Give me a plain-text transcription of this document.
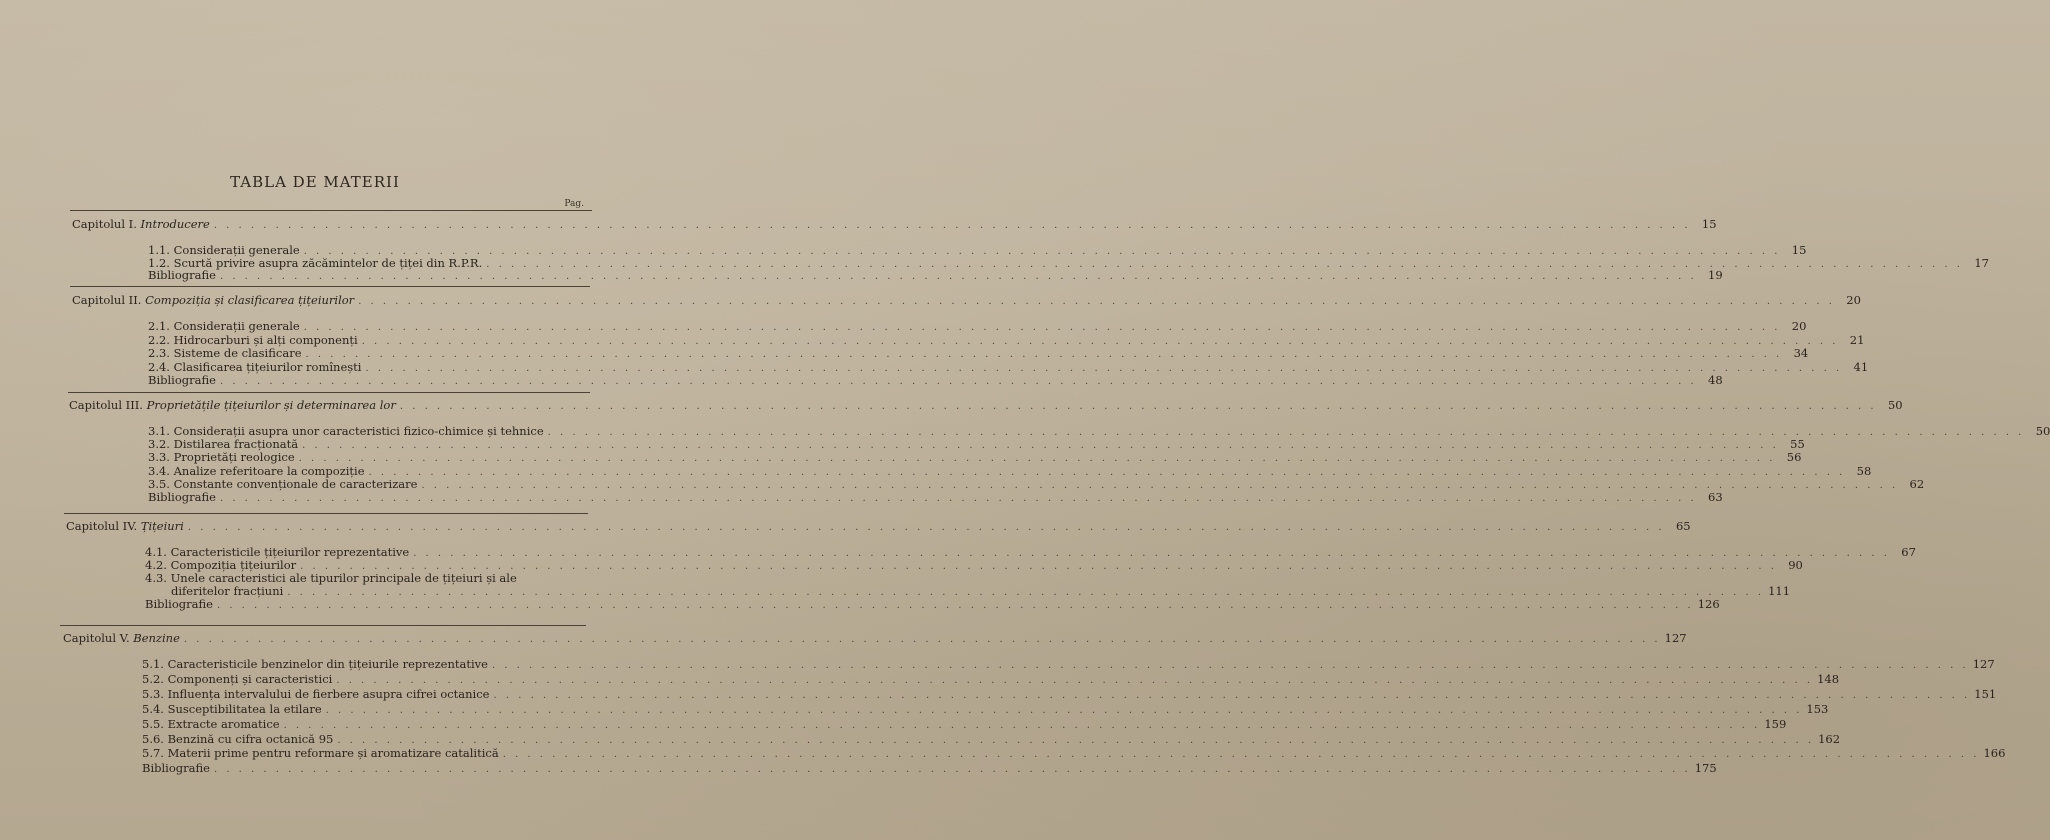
TABLA DE MATERII
Pag.
Capitolul I. Introducere . . . . . . . . . . . . . . . . . . . . . . . . . . . . . . . . . . . . . . . . . . . . . . . . . . . . . . . . . . . . . . . . . . . . . . . . . . . . . . . . . . . . . . . . . . . . . . . . . . . . . . . . . . . . . . . . . . . . . . . . 15
1.1. Considerații generale . . . . . . . . . . . . . . . . . . . . . . . . . . . . . . . . . . . . . . . . . . . . . . . . . . . . . . . . . . . . . . . . . . . . . . . . . . . . . . . . . . . . . . . . . . . . . . . . . . . . . . . . . . . . . . . . . . . . . . . . 15
1.2. Scurtă privire asupra zăcămintelor de țiței din R.P.R. . . . . . . . . . . . . . . . . . . . . . . . . . . . . . . . . . . . . . . . . . . . . . . . . . . . . . . . . . . . . . . . . . . . . . . . . . . . . . . . . . . . . . . . . . . . . . . . . . . . . . . . . . . . . . . . . . . . . . . . . 17
Bibliografie . . . . . . . . . . . . . . . . . . . . . . . . . . . . . . . . . . . . . . . . . . . . . . . . . . . . . . . . . . . . . . . . . . . . . . . . . . . . . . . . . . . . . . . . . . . . . . . . . . . . . . . . . . . . . . . . . . . . . . . . 19
Capitolul II. Compoziția și clasificarea țițeiurilor . . . . . . . . . . . . . . . . . . . . . . . . . . . . . . . . . . . . . . . . . . . . . . . . . . . . . . . . . . . . . . . . . . . . . . . . . . . . . . . . . . . . . . . . . . . . . . . . . . . . . . . . . . . . . . . . . . . . . . . . 20
2.1. Considerații generale . . . . . . . . . . . . . . . . . . . . . . . . . . . . . . . . . . . . . . . . . . . . . . . . . . . . . . . . . . . . . . . . . . . . . . . . . . . . . . . . . . . . . . . . . . . . . . . . . . . . . . . . . . . . . . . . . . . . . . . . 20
2.2. Hidrocarburi și alți componenți . . . . . . . . . . . . . . . . . . . . . . . . . . . . . . . . . . . . . . . . . . . . . . . . . . . . . . . . . . . . . . . . . . . . . . . . . . . . . . . . . . . . . . . . . . . . . . . . . . . . . . . . . . . . . . . . . . . . . . . . 21
2.3. Sisteme de clasificare . . . . . . . . . . . . . . . . . . . . . . . . . . . . . . . . . . . . . . . . . . . . . . . . . . . . . . . . . . . . . . . . . . . . . . . . . . . . . . . . . . . . . . . . . . . . . . . . . . . . . . . . . . . . . . . . . . . . . . . . 34
2.4. Clasificarea țițeiurilor romînești . . . . . . . . . . . . . . . . . . . . . . . . . . . . . . . . . . . . . . . . . . . . . . . . . . . . . . . . . . . . . . . . . . . . . . . . . . . . . . . . . . . . . . . . . . . . . . . . . . . . . . . . . . . . . . . . . . . . . . . . 41
Bibliografie . . . . . . . . . . . . . . . . . . . . . . . . . . . . . . . . . . . . . . . . . . . . . . . . . . . . . . . . . . . . . . . . . . . . . . . . . . . . . . . . . . . . . . . . . . . . . . . . . . . . . . . . . . . . . . . . . . . . . . . . 48
Capitolul III. Proprietățile țițeiurilor și determinarea lor . . . . . . . . . . . . . . . . . . . . . . . . . . . . . . . . . . . . . . . . . . . . . . . . . . . . . . . . . . . . . . . . . . . . . . . . . . . . . . . . . . . . . . . . . . . . . . . . . . . . . . . . . . . . . . . . . . . . . . . . 50
3.1. Considerații asupra unor caracteristici fizico-chimice și tehnice . . . . . . . . . . . . . . . . . . . . . . . . . . . . . . . . . . . . . . . . . . . . . . . . . . . . . . . . . . . . . . . . . . . . . . . . . . . . . . . . . . . . . . . . . . . . . . . . . . . . . . . . . . . . . . . . . . . . . . . . 50
3.2. Distilarea fracționată . . . . . . . . . . . . . . . . . . . . . . . . . . . . . . . . . . . . . . . . . . . . . . . . . . . . . . . . . . . . . . . . . . . . . . . . . . . . . . . . . . . . . . . . . . . . . . . . . . . . . . . . . . . . . . . . . . . . . . . . 55
3.3. Proprietăți reologice . . . . . . . . . . . . . . . . . . . . . . . . . . . . . . . . . . . . . . . . . . . . . . . . . . . . . . . . . . . . . . . . . . . . . . . . . . . . . . . . . . . . . . . . . . . . . . . . . . . . . . . . . . . . . . . . . . . . . . . . 56
3.4. Analize referitoare la compoziție . . . . . . . . . . . . . . . . . . . . . . . . . . . . . . . . . . . . . . . . . . . . . . . . . . . . . . . . . . . . . . . . . . . . . . . . . . . . . . . . . . . . . . . . . . . . . . . . . . . . . . . . . . . . . . . . . . . . . . . . 58
3.5. Constante convenționale de caracterizare . . . . . . . . . . . . . . . . . . . . . . . . . . . . . . . . . . . . . . . . . . . . . . . . . . . . . . . . . . . . . . . . . . . . . . . . . . . . . . . . . . . . . . . . . . . . . . . . . . . . . . . . . . . . . . . . . . . . . . . . 62
Bibliografie . . . . . . . . . . . . . . . . . . . . . . . . . . . . . . . . . . . . . . . . . . . . . . . . . . . . . . . . . . . . . . . . . . . . . . . . . . . . . . . . . . . . . . . . . . . . . . . . . . . . . . . . . . . . . . . . . . . . . . . . 63
Capitolul IV. Țițeiuri . . . . . . . . . . . . . . . . . . . . . . . . . . . . . . . . . . . . . . . . . . . . . . . . . . . . . . . . . . . . . . . . . . . . . . . . . . . . . . . . . . . . . . . . . . . . . . . . . . . . . . . . . . . . . . . . . . . . . . . . 65
4.1. Caracteristicile țițeiurilor reprezentative . . . . . . . . . . . . . . . . . . . . . . . . . . . . . . . . . . . . . . . . . . . . . . . . . . . . . . . . . . . . . . . . . . . . . . . . . . . . . . . . . . . . . . . . . . . . . . . . . . . . . . . . . . . . . . . . . . . . . . . . 67
4.2. Compoziția țițeiurilor . . . . . . . . . . . . . . . . . . . . . . . . . . . . . . . . . . . . . . . . . . . . . . . . . . . . . . . . . . . . . . . . . . . . . . . . . . . . . . . . . . . . . . . . . . . . . . . . . . . . . . . . . . . . . . . . . . . . . . . . 90
4.3. Unele caracteristici ale tipurilor principale de țițeiuri și ale
diferitelor fracțiuni . . . . . . . . . . . . . . . . . . . . . . . . . . . . . . . . . . . . . . . . . . . . . . . . . . . . . . . . . . . . . . . . . . . . . . . . . . . . . . . . . . . . . . . . . . . . . . . . . . . . . . . . . . . . . . . . . . . . . . . . 111
Bibliografie . . . . . . . . . . . . . . . . . . . . . . . . . . . . . . . . . . . . . . . . . . . . . . . . . . . . . . . . . . . . . . . . . . . . . . . . . . . . . . . . . . . . . . . . . . . . . . . . . . . . . . . . . . . . . . . . . . . . . . . . 126
Capitolul V. Benzine . . . . . . . . . . . . . . . . . . . . . . . . . . . . . . . . . . . . . . . . . . . . . . . . . . . . . . . . . . . . . . . . . . . . . . . . . . . . . . . . . . . . . . . . . . . . . . . . . . . . . . . . . . . . . . . . . . . . . . . . 127
5.1. Caracteristicile benzinelor din țițeiurile reprezentative . . . . . . . . . . . . . . . . . . . . . . . . . . . . . . . . . . . . . . . . . . . . . . . . . . . . . . . . . . . . . . . . . . . . . . . . . . . . . . . . . . . . . . . . . . . . . . . . . . . . . . . . . . . . . . . . . . . . . . . . 127
5.2. Componenți și caracteristici . . . . . . . . . . . . . . . . . . . . . . . . . . . . . . . . . . . . . . . . . . . . . . . . . . . . . . . . . . . . . . . . . . . . . . . . . . . . . . . . . . . . . . . . . . . . . . . . . . . . . . . . . . . . . . . . . . . . . . . . 148
5.3. Influența intervalului de fierbere asupra cifrei octanice . . . . . . . . . . . . . . . . . . . . . . . . . . . . . . . . . . . . . . . . . . . . . . . . . . . . . . . . . . . . . . . . . . . . . . . . . . . . . . . . . . . . . . . . . . . . . . . . . . . . . . . . . . . . . . . . . . . . . . . . 151
5.4. Susceptibilitatea la etilare . . . . . . . . . . . . . . . . . . . . . . . . . . . . . . . . . . . . . . . . . . . . . . . . . . . . . . . . . . . . . . . . . . . . . . . . . . . . . . . . . . . . . . . . . . . . . . . . . . . . . . . . . . . . . . . . . . . . . . . . 153
5.5. Extracte aromatice . . . . . . . . . . . . . . . . . . . . . . . . . . . . . . . . . . . . . . . . . . . . . . . . . . . . . . . . . . . . . . . . . . . . . . . . . . . . . . . . . . . . . . . . . . . . . . . . . . . . . . . . . . . . . . . . . . . . . . . . 159
5.6. Benzină cu cifra octanică 95 . . . . . . . . . . . . . . . . . . . . . . . . . . . . . . . . . . . . . . . . . . . . . . . . . . . . . . . . . . . . . . . . . . . . . . . . . . . . . . . . . . . . . . . . . . . . . . . . . . . . . . . . . . . . . . . . . . . . . . . . 162
5.7. Materii prime pentru reformare și aromatizare catalitică . . . . . . . . . . . . . . . . . . . . . . . . . . . . . . . . . . . . . . . . . . . . . . . . . . . . . . . . . . . . . . . . . . . . . . . . . . . . . . . . . . . . . . . . . . . . . . . . . . . . . . . . . . . . . . . . . . . . . . . . 166
Bibliografie . . . . . . . . . . . . . . . . . . . . . . . . . . . . . . . . . . . . . . . . . . . . . . . . . . . . . . . . . . . . . . . . . . . . . . . . . . . . . . . . . . . . . . . . . . . . . . . . . . . . . . . . . . . . . . . . . . . . . . . . 175
